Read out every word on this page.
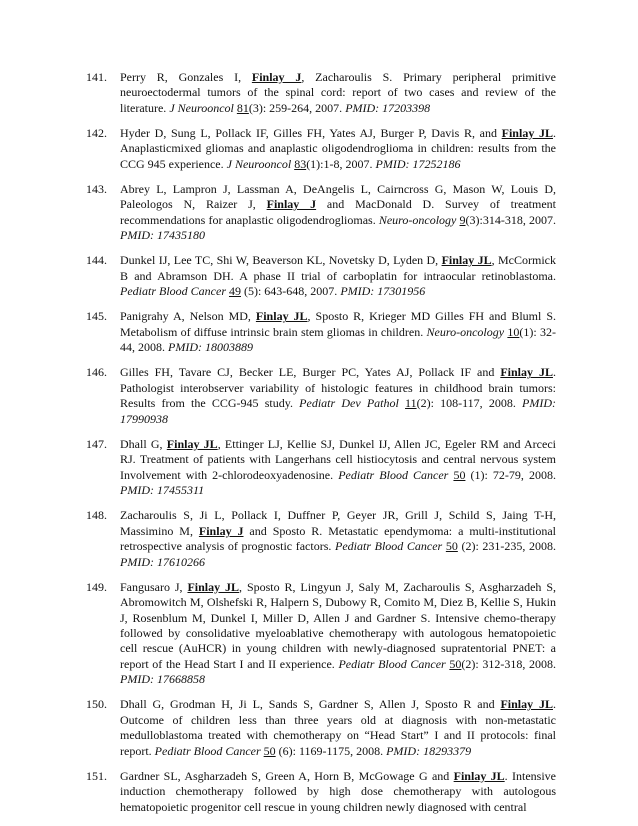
141.	Perry R, Gonzales I, Finlay J, Zacharoulis S. Primary peripheral primitive neuroectodermal tumors of the spinal cord: report of two cases and review of the literature. J Neurooncol 81(3): 259-264, 2007. PMID: 17203398
142.	Hyder D, Sung L, Pollack IF, Gilles FH, Yates AJ, Burger P, Davis R, and Finlay JL. Anaplasticmixed gliomas and anaplastic oligodendroglioma in children: results from the CCG 945 experience. J Neurooncol 83(1):1-8, 2007. PMID: 17252186
143.	Abrey L, Lampron J, Lassman A, DeAngelis L, Cairncross G, Mason W, Louis D, Paleologos N, Raizer J, Finlay J and MacDonald D. Survey of treatment recommendations for anaplastic oligodendrogliomas. Neuro-oncology 9(3):314-318, 2007. PMID: 17435180
144.	Dunkel IJ, Lee TC, Shi W, Beaverson KL, Novetsky D, Lyden D, Finlay JL, McCormick B and Abramson DH. A phase II trial of carboplatin for intraocular retinoblastoma. Pediatr Blood Cancer 49 (5): 643-648, 2007. PMID: 17301956
145.	Panigrahy A, Nelson MD, Finlay JL, Sposto R, Krieger MD Gilles FH and Bluml S. Metabolism of diffuse intrinsic brain stem gliomas in children. Neuro-oncology 10(1): 32-44, 2008. PMID: 18003889
146.	Gilles FH, Tavare CJ, Becker LE, Burger PC, Yates AJ, Pollack IF and Finlay JL. Pathologist interobserver variability of histologic features in childhood brain tumors: Results from the CCG-945 study. Pediatr Dev Pathol 11(2): 108-117, 2008. PMID: 17990938
147.	Dhall G, Finlay JL, Ettinger LJ, Kellie SJ, Dunkel IJ, Allen JC, Egeler RM and Arceci RJ. Treatment of patients with Langerhans cell histiocytosis and central nervous system Involvement with 2-chlorodeoxyadenosine. Pediatr Blood Cancer 50 (1): 72-79, 2008. PMID: 17455311
148.	Zacharoulis S, Ji L, Pollack I, Duffner P, Geyer JR, Grill J, Schild S, Jaing T-H, Massimino M, Finlay J and Sposto R. Metastatic ependymoma: a multi-institutional retrospective analysis of prognostic factors. Pediatr Blood Cancer 50 (2): 231-235, 2008. PMID: 17610266
149.	Fangusaro J, Finlay JL, Sposto R, Lingyun J, Saly M, Zacharoulis S, Asgharzadeh S, Abromowitch M, Olshefski R, Halpern S, Dubowy R, Comito M, Diez B, Kellie S, Hukin J, Rosenblum M, Dunkel I, Miller D, Allen J and Gardner S. Intensive chemo-therapy followed by consolidative myeloablative chemotherapy with autologous hematopoietic cell rescue (AuHCR) in young children with newly-diagnosed supratentorial PNET: a report of the Head Start I and II experience. Pediatr Blood Cancer 50(2): 312-318, 2008. PMID: 17668858
150.	Dhall G, Grodman H, Ji L, Sands S, Gardner S, Allen J, Sposto R and Finlay JL. Outcome of children less than three years old at diagnosis with non-metastatic medulloblastoma treated with chemotherapy on “Head Start” I and II protocols: final report. Pediatr Blood Cancer 50 (6): 1169-1175, 2008. PMID: 18293379
151.	Gardner SL, Asgharzadeh S, Green A, Horn B, McGowage G and Finlay JL. Intensive induction chemotherapy followed by high dose chemotherapy with autologous hematopoietic progenitor cell rescue in young children newly diagnosed with central
